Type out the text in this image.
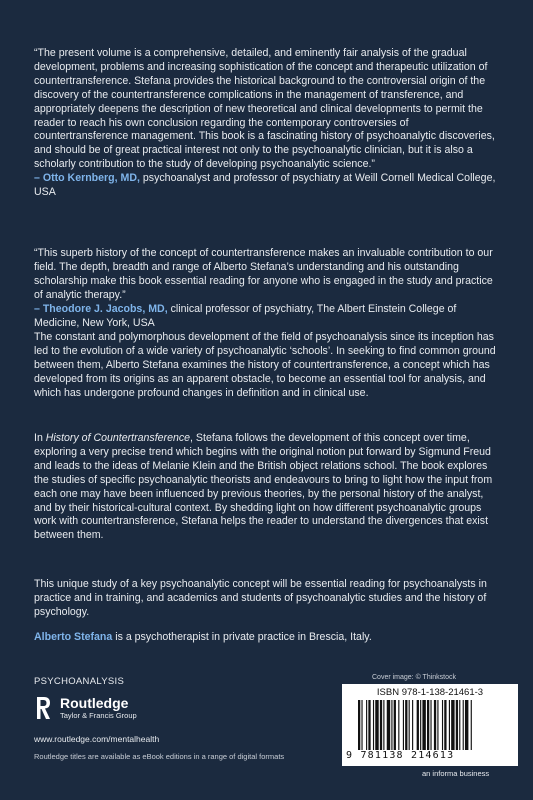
“The present volume is a comprehensive, detailed, and eminently fair analysis of the gradual development, problems and increasing sophistication of the concept and therapeutic utilization of countertransference. Stefana provides the historical background to the controversial origin of the discovery of the countertransference complications in the management of transference, and appropriately deepens the description of new theoretical and clinical developments to permit the reader to reach his own conclusion regarding the contemporary controversies of countertransference management. This book is a fascinating history of psychoanalytic discoveries, and should be of great practical interest not only to the psychoanalytic clinician, but it is also a scholarly contribution to the study of developing psychoanalytic science.”
– Otto Kernberg, MD, psychoanalyst and professor of psychiatry at Weill Cornell Medical College, USA
“This superb history of the concept of countertransference makes an invaluable contribution to our field. The depth, breadth and range of Alberto Stefana’s understanding and his outstanding scholarship make this book essential reading for anyone who is engaged in the study and practice of analytic therapy.”
– Theodore J. Jacobs, MD, clinical professor of psychiatry, The Albert Einstein College of Medicine, New York, USA
The constant and polymorphous development of the field of psychoanalysis since its inception has led to the evolution of a wide variety of psychoanalytic ‘schools’. In seeking to find common ground between them, Alberto Stefana examines the history of countertransference, a concept which has developed from its origins as an apparent obstacle, to become an essential tool for analysis, and which has undergone profound changes in definition and in clinical use.
In History of Countertransference, Stefana follows the development of this concept over time, exploring a very precise trend which begins with the original notion put forward by Sigmund Freud and leads to the ideas of Melanie Klein and the British object relations school. The book explores the studies of specific psychoanalytic theorists and endeavours to bring to light how the input from each one may have been influenced by previous theories, by the personal history of the analyst, and by their historical-cultural context. By shedding light on how different psychoanalytic groups work with countertransference, Stefana helps the reader to understand the divergences that exist between them.
This unique study of a key psychoanalytic concept will be essential reading for psychoanalysts in practice and in training, and academics and students of psychoanalytic studies and the history of psychology.
Alberto Stefana is a psychotherapist in private practice in Brescia, Italy.
PSYCHOANALYSIS
Routledge
Taylor & Francis Group
www.routledge.com/mentalhealth
Routledge titles are available as eBook editions in a range of digital formats
Cover image: © Thinkstock
ISBN 978-1-138-21461-3
9 781138 214613
an informa business
